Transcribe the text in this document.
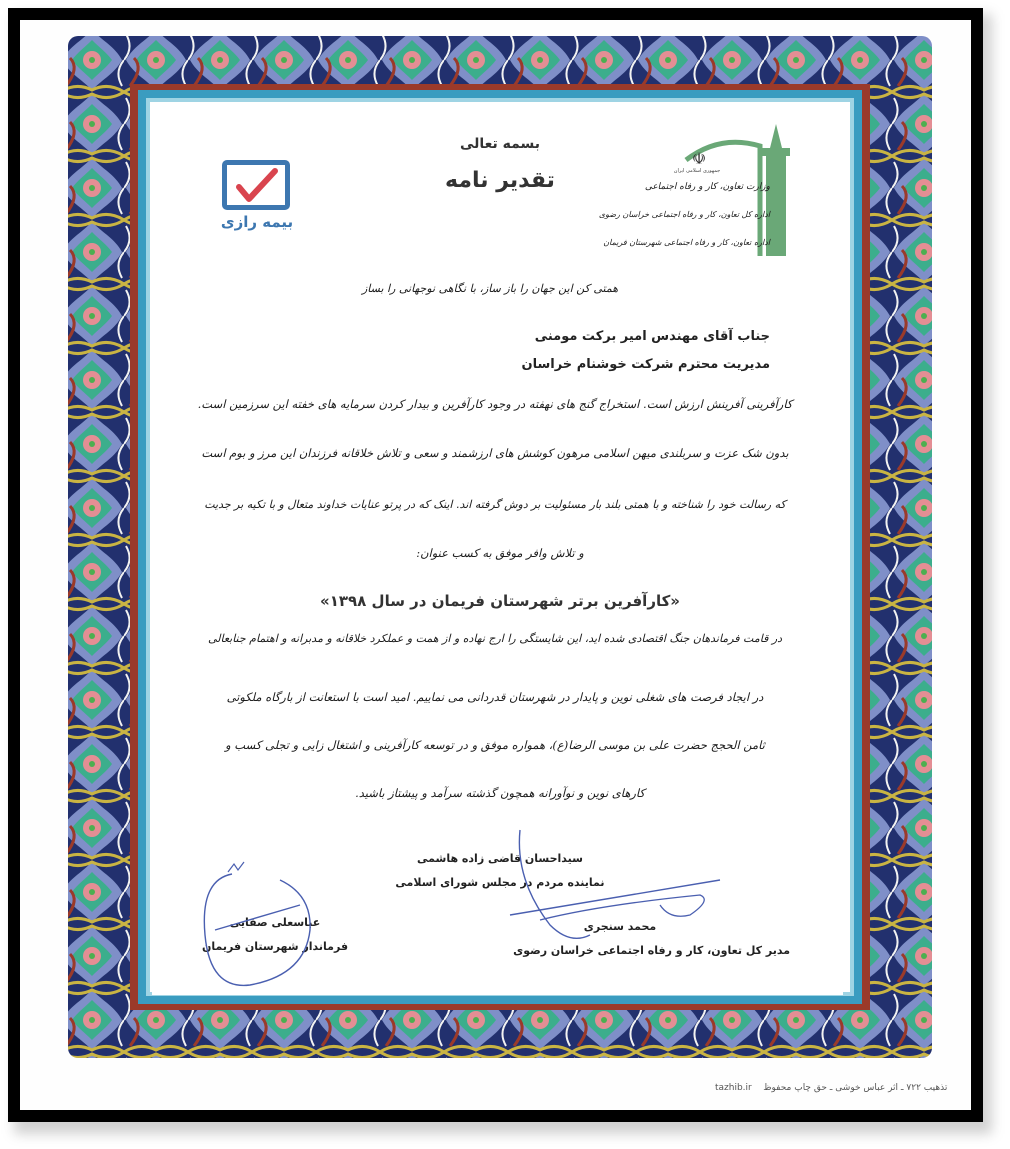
بیمه رازی
☫
جمهوری اسلامی ایران
وزارت تعاون، کار و رفاه اجتماعی
اداره کل تعاون، کار و رفاه اجتماعی خراسان رضوی
اداره تعاون، کار و رفاه اجتماعی شهرستان فریمان
بسمه تعالی
تقدیر نامه
همتی کن این جهان را باز ساز، با نگاهی نوجهانی را بساز
جناب آقای مهندس امیر برکت مومنی
مدیریت محترم شرکت خوشنام خراسان
کارآفرینی آفرینش ارزش است. استخراج گنج های نهفته در وجود کارآفرین و بیدار کردن سرمایه های خفته این سرزمین است.
بدون شک عزت و سربلندی میهن اسلامی مرهون کوشش های ارزشمند و سعی و تلاش خلاقانه فرزندان این مرز و بوم است
که رسالت خود را شناخته و با همتی بلند بار مسئولیت بر دوش گرفته اند. اینک که در پرتو عنایات خداوند متعال و با تکیه بر جدیت
و تلاش وافر موفق به کسب عنوان:
«کارآفرین برتر شهرستان فریمان در سال ۱۳۹۸»
در قامت فرماندهان جنگ اقتصادی شده اید، این شایستگی را ارج نهاده و از همت و عملکرد خلاقانه و مدبرانه و اهتمام جنابعالی
در ایجاد فرصت های شغلی نوین و پایدار در شهرستان قدردانی می نماییم. امید است با استعانت از بارگاه ملکوتی
ثامن الحجج حضرت علی بن موسی الرضا(ع)، همواره موفق و در توسعه کارآفرینی و اشتغال زایی و تجلی کسب و
کارهای نوین و نوآورانه همچون گذشته سرآمد و پیشتاز باشید.
سیداحسان قاضی زاده هاشمی
نماینده مردم در مجلس شورای اسلامی
محمد سنجری
مدیر کل تعاون، کار و رفاه اجتماعی خراسان رضوی
عباسعلی صفایی
فرماندار شهرستان فریمان
tazhib.ir تذهیب ۷۲۲ ـ اثر عباس خوشی ـ حق چاپ محفوظ
